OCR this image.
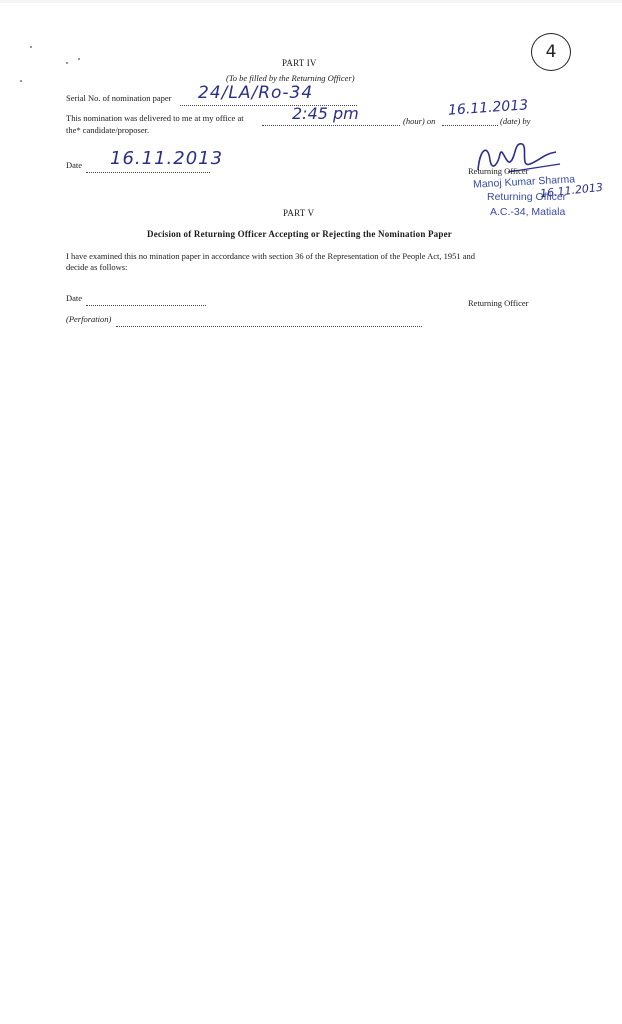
4
PART IV
(To be filled by the Returning Officer)
Serial No. of nomination paper 24/LA/Ro-34
This nomination was delivered to me at my office at	2:45 pm	(hour) on
16.11.2013
(date) by
the* candidate/proposer.
Date 16.11.2013
Returning Officer
Manoj Kumar Sharma
Returning Officer
A.C.-34, Matiala
16.11.2013
PART V
Decision of Returning Officer Accepting or Rejecting the Nomination Paper
I have examined this no mination paper in accordance with section 36 of the Representation of the People Act, 1951 and
decide as follows:
Date	Returning Officer
(Perforation)
